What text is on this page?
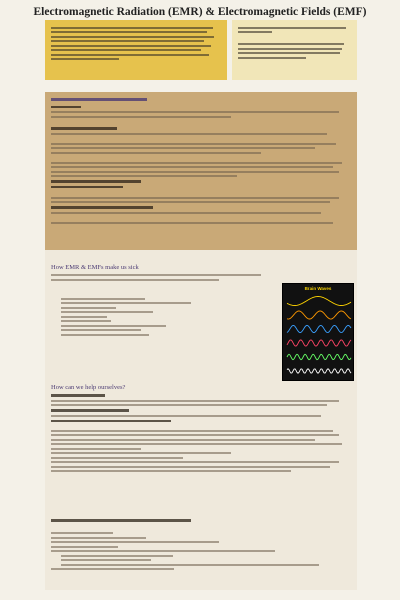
Electromagnetic Radiation (EMR) & Electromagnetic Fields (EMF)
How EMR & EMFs make us sick
How can we help ourselves?
Brain Waves
